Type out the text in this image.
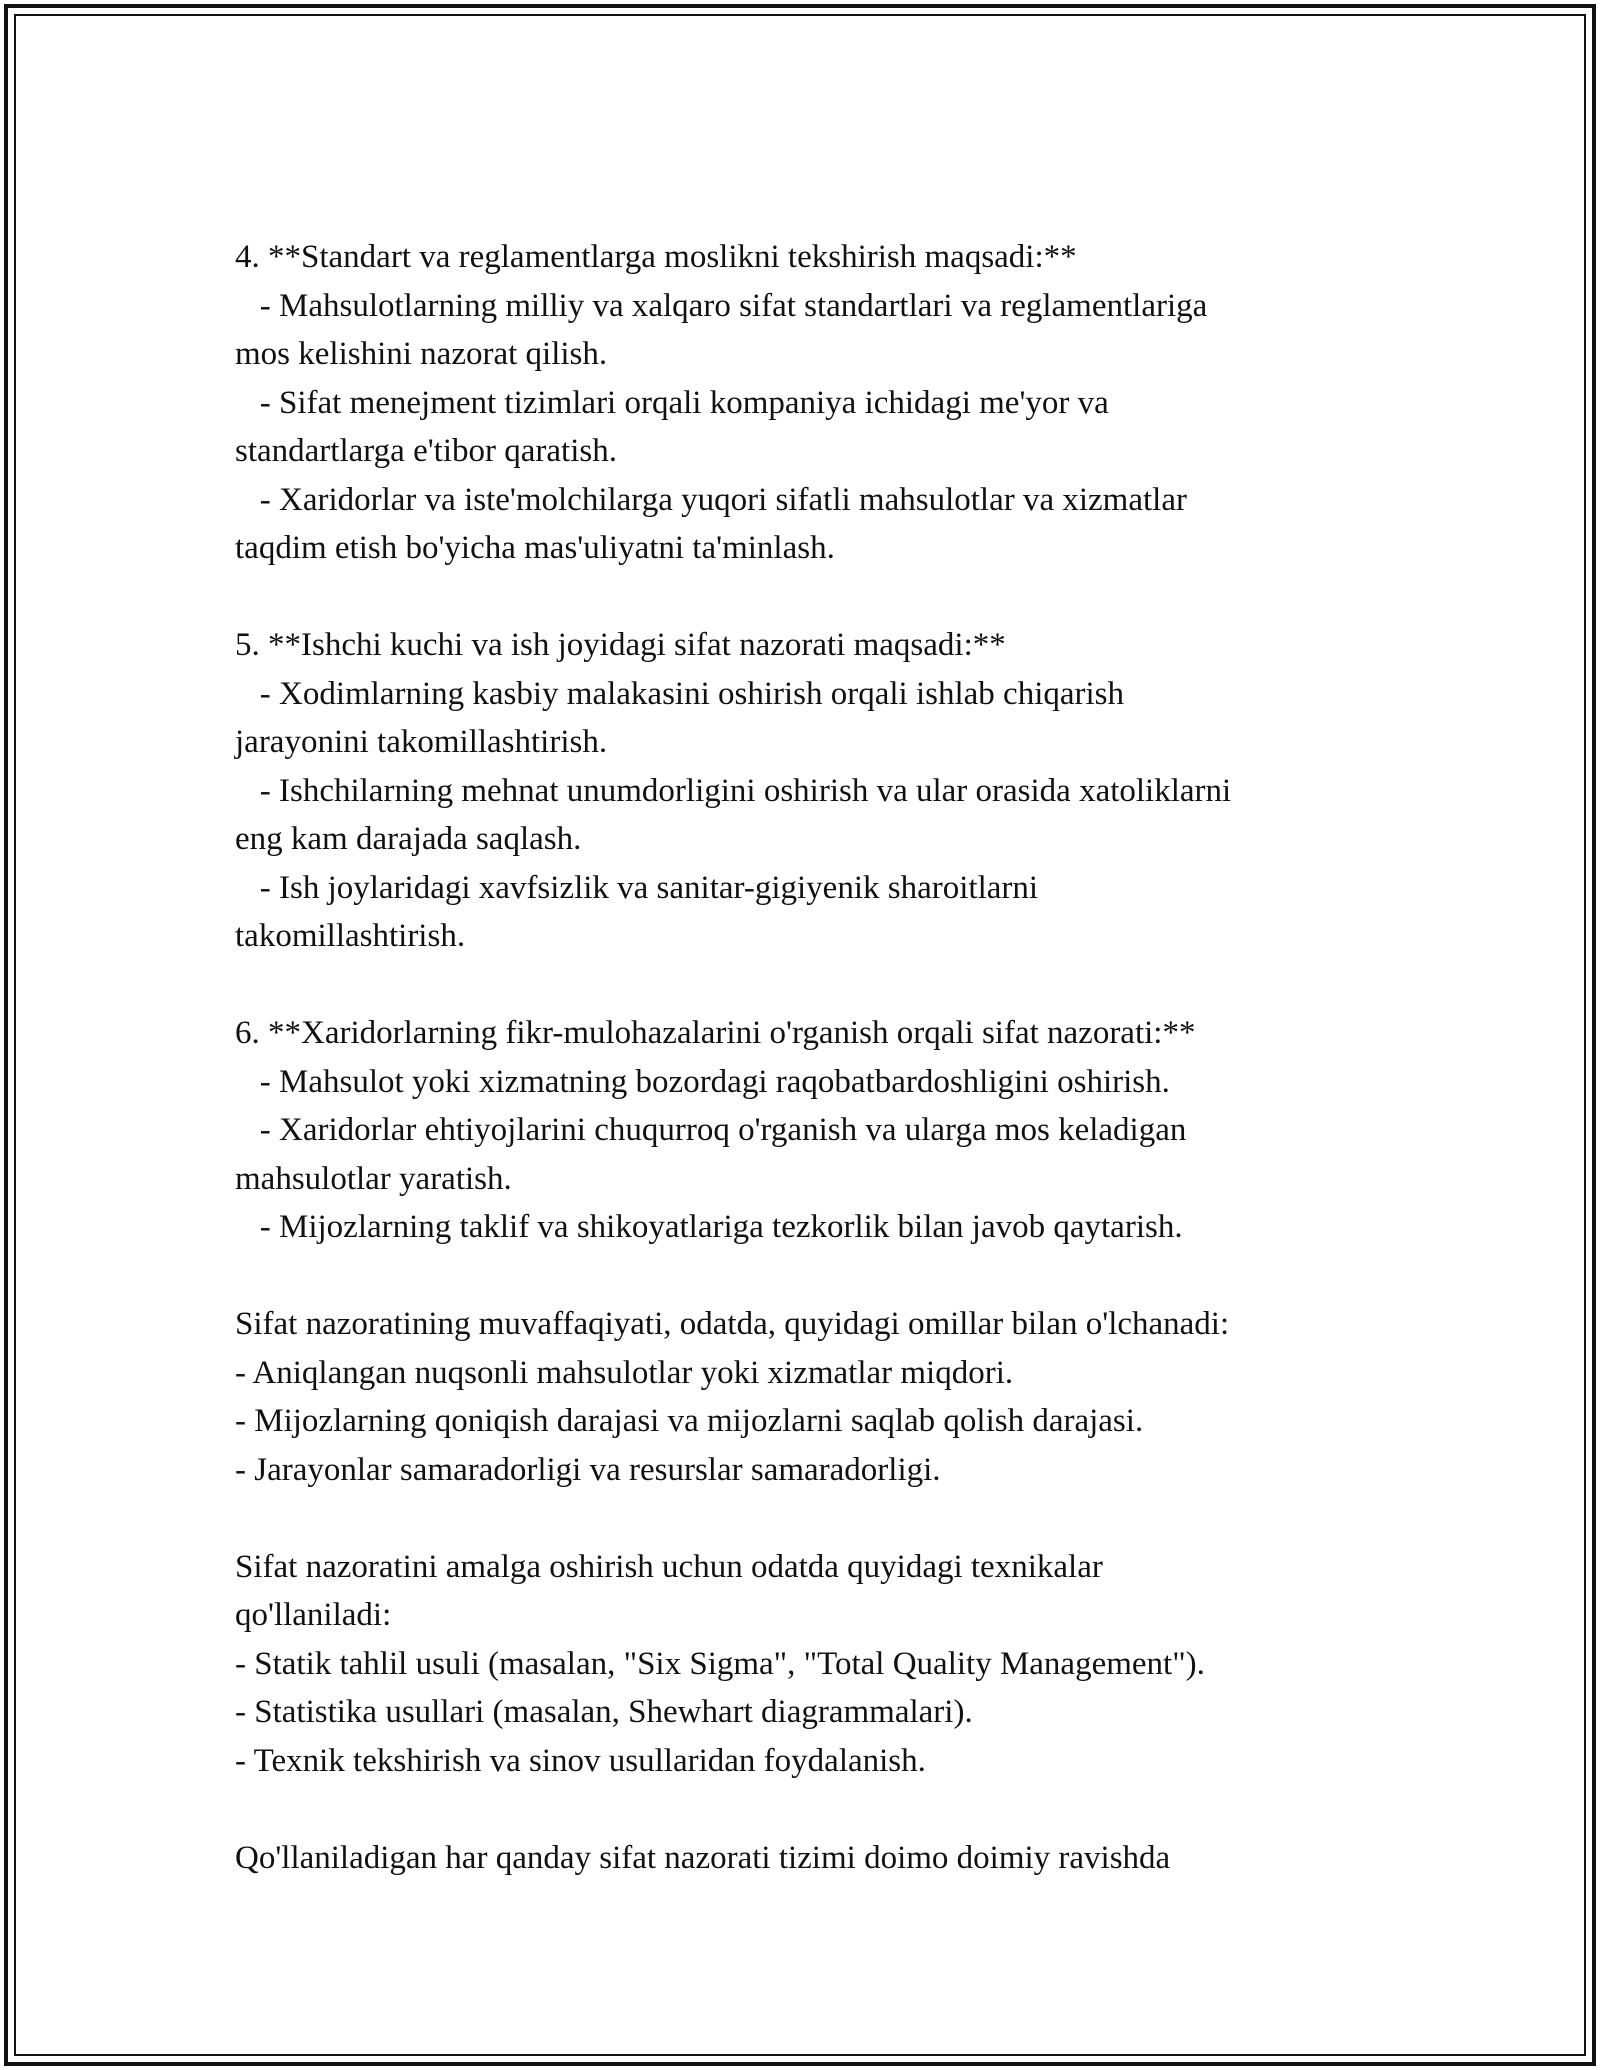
4. **Standart va reglamentlarga moslikni tekshirish maqsadi:**
- Mahsulotlarning milliy va xalqaro sifat standartlari va reglamentlariga
mos kelishini nazorat qilish.
- Sifat menejment tizimlari orqali kompaniya ichidagi me'yor va
standartlarga e'tibor qaratish.
- Xaridorlar va iste'molchilarga yuqori sifatli mahsulotlar va xizmatlar
taqdim etish bo'yicha mas'uliyatni ta'minlash.
5. **Ishchi kuchi va ish joyidagi sifat nazorati maqsadi:**
- Xodimlarning kasbiy malakasini oshirish orqali ishlab chiqarish
jarayonini takomillashtirish.
- Ishchilarning mehnat unumdorligini oshirish va ular orasida xatoliklarni
eng kam darajada saqlash.
- Ish joylaridagi xavfsizlik va sanitar-gigiyenik sharoitlarni
takomillashtirish.
6. **Xaridorlarning fikr-mulohazalarini o'rganish orqali sifat nazorati:**
- Mahsulot yoki xizmatning bozordagi raqobatbardoshligini oshirish.
- Xaridorlar ehtiyojlarini chuqurroq o'rganish va ularga mos keladigan
mahsulotlar yaratish.
- Mijozlarning taklif va shikoyatlariga tezkorlik bilan javob qaytarish.
Sifat nazoratining muvaffaqiyati, odatda, quyidagi omillar bilan o'lchanadi:
- Aniqlangan nuqsonli mahsulotlar yoki xizmatlar miqdori.
- Mijozlarning qoniqish darajasi va mijozlarni saqlab qolish darajasi.
- Jarayonlar samaradorligi va resurslar samaradorligi.
Sifat nazoratini amalga oshirish uchun odatda quyidagi texnikalar
qo'llaniladi:
- Statik tahlil usuli (masalan, "Six Sigma", "Total Quality Management").
- Statistika usullari (masalan, Shewhart diagrammalari).
- Texnik tekshirish va sinov usullaridan foydalanish.
Qo'llaniladigan har qanday sifat nazorati tizimi doimo doimiy ravishda
